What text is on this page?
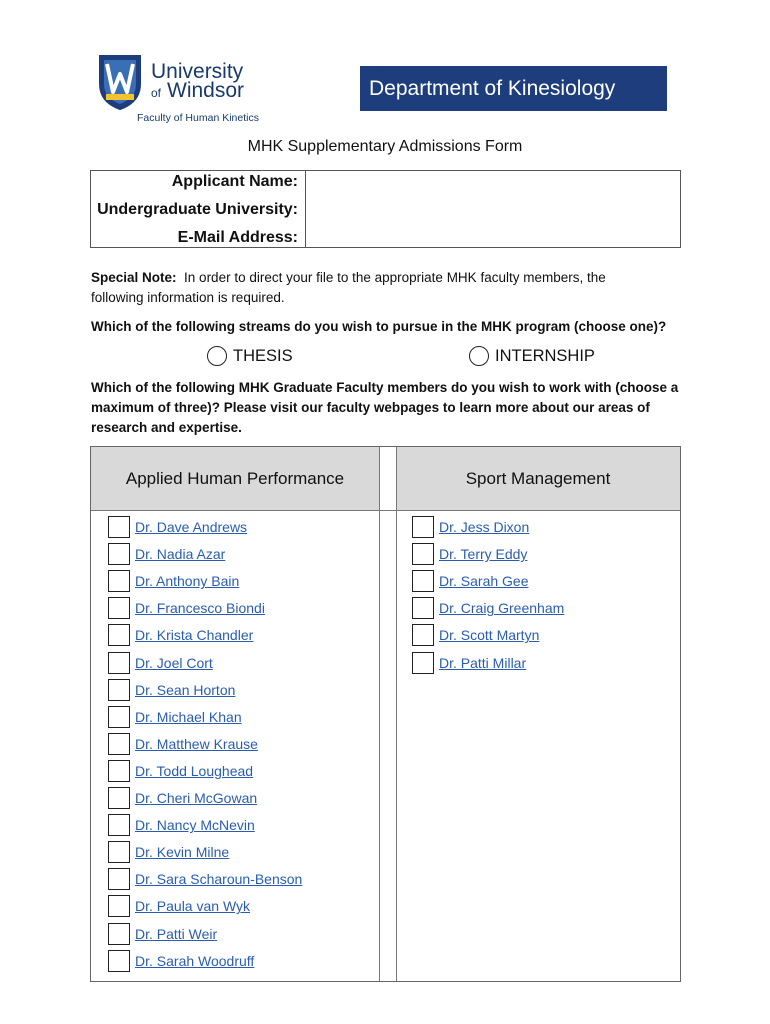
University
of Windsor
Faculty of Human Kinetics
Department of Kinesiology
MHK Supplementary Admissions Form
Applicant Name:
Undergraduate University:
E-Mail Address:
Special Note: In order to direct your file to the appropriate MHK faculty members, the
following information is required.
Which of the following streams do you wish to pursue in the MHK program (choose one)?
THESIS	INTERNSHIP
Which of the following MHK Graduate Faculty members do you wish to work with (choose a
maximum of three)? Please visit our faculty webpages to learn more about our areas of
research and expertise.
Applied Human Performance	Sport Management
Dr. Dave Andrews
Dr. Nadia Azar
Dr. Anthony Bain
Dr. Francesco Biondi
Dr. Krista Chandler
Dr. Joel Cort
Dr. Sean Horton
Dr. Michael Khan
Dr. Matthew Krause
Dr. Todd Loughead
Dr. Cheri McGowan
Dr. Nancy McNevin
Dr. Kevin Milne
Dr. Sara Scharoun-Benson
Dr. Paula van Wyk
Dr. Patti Weir
Dr. Sarah Woodruff
Dr. Jess Dixon
Dr. Terry Eddy
Dr. Sarah Gee
Dr. Craig Greenham
Dr. Scott Martyn
Dr. Patti Millar
